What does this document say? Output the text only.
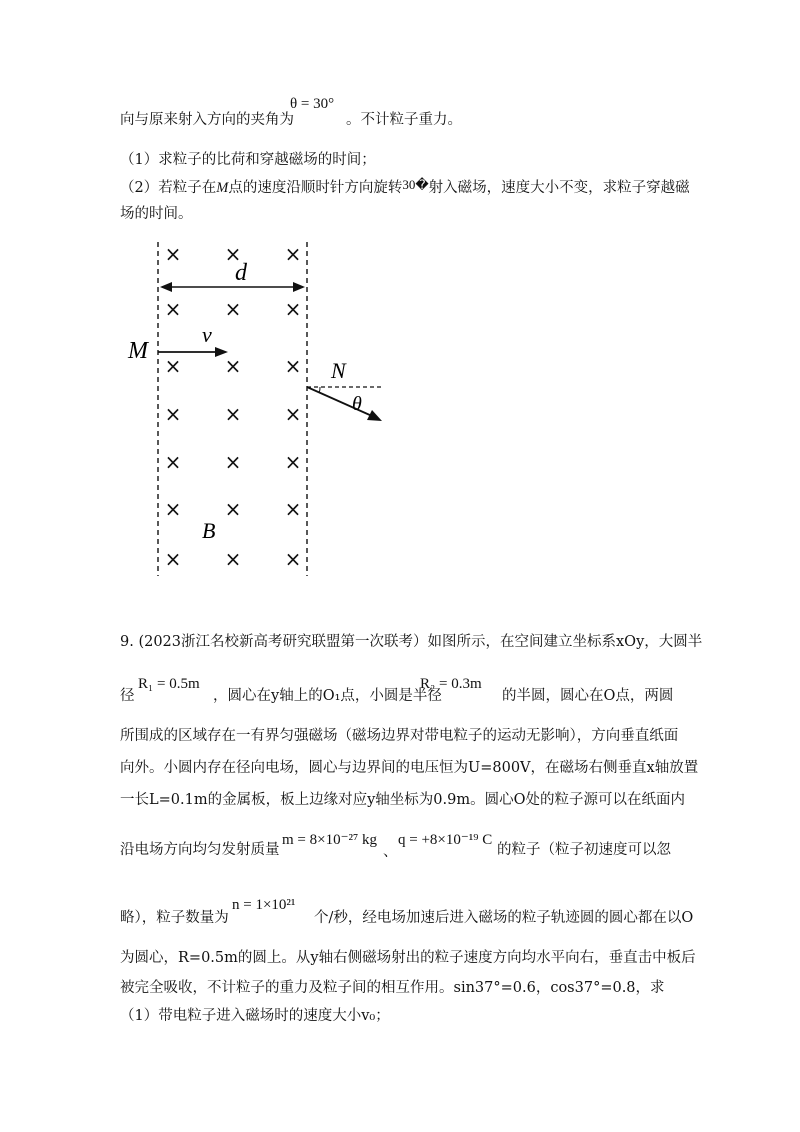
向与原来射入方向的夹角为
θ = 30°
。不计粒子重力。
（1）求粒子的比荷和穿越磁场的时间；
（2）若粒子在M点的速度沿顺时针方向旋转30�射入磁场，速度大小不变，求粒子穿越磁
场的时间。
× × ×
× × ×
× × ×
× × ×
× × ×
× × ×
× × ×
d
M
v
N
θ
B
9. (2023浙江名校新高考研究联盟第一次联考）如图所示，在空间建立坐标系xOy，大圆半
径
R₁ = 0.5m
，圆心在y轴上的O₁点，小圆是半径
R₂ = 0.3m
的半圆，圆心在O点，两圆
所围成的区域存在一有界匀强磁场（磁场边界对带电粒子的运动无影响），方向垂直纸面
向外。小圆内存在径向电场，圆心与边界间的电压恒为U=800V，在磁场右侧垂直x轴放置
一长L=0.1m的金属板，板上边缘对应y轴坐标为0.9m。圆心O处的粒子源可以在纸面内
沿电场方向均匀发射质量
m = 8×10⁻²⁷ kg
、
q = +8×10⁻¹⁹ C
的粒子（粒子初速度可以忽
略），粒子数量为
n = 1×10²¹
个/秒，经电场加速后进入磁场的粒子轨迹圆的圆心都在以O
为圆心，R=0.5m的圆上。从y轴右侧磁场射出的粒子速度方向均水平向右，垂直击中板后
被完全吸收，不计粒子的重力及粒子间的相互作用。sin37°=0.6，cos37°=0.8，求
（1）带电粒子进入磁场时的速度大小v₀；
